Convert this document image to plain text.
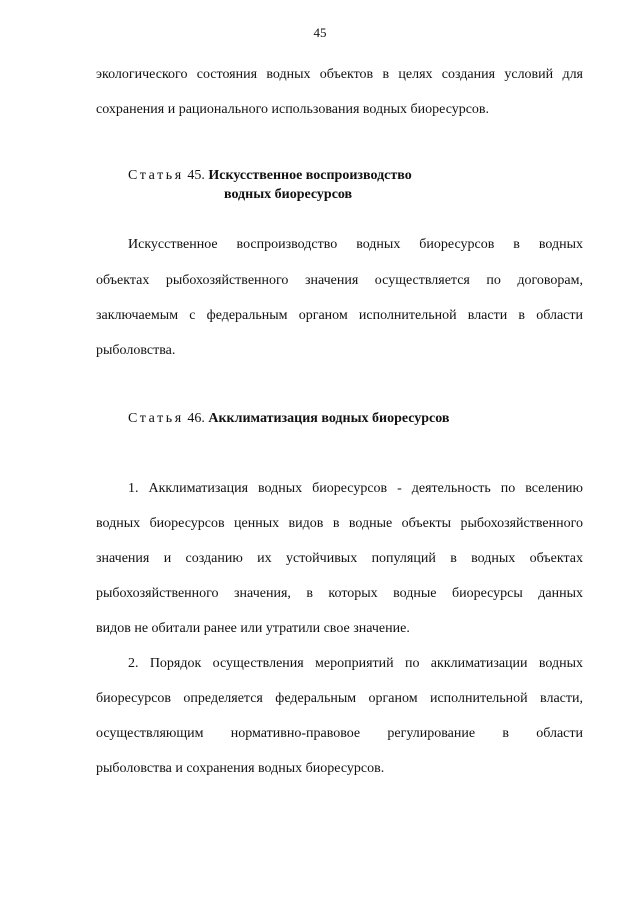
45
экологического состояния водных объектов в целях создания условий для
сохранения и рационального использования водных биоресурсов.
Статья 45. Искусственное воспроизводство
водных биоресурсов
Искусственное воспроизводство водных биоресурсов в водных
объектах рыбохозяйственного значения осуществляется по договорам,
заключаемым с федеральным органом исполнительной власти в области
рыболовства.
Статья 46. Акклиматизация водных биоресурсов
1. Акклиматизация водных биоресурсов - деятельность по вселению
водных биоресурсов ценных видов в водные объекты рыбохозяйственного
значения и созданию их устойчивых популяций в водных объектах
рыбохозяйственного значения, в которых водные биоресурсы данных
видов не обитали ранее или утратили свое значение.
2. Порядок осуществления мероприятий по акклиматизации водных
биоресурсов определяется федеральным органом исполнительной власти,
осуществляющим нормативно-правовое регулирование в области
рыболовства и сохранения водных биоресурсов.
